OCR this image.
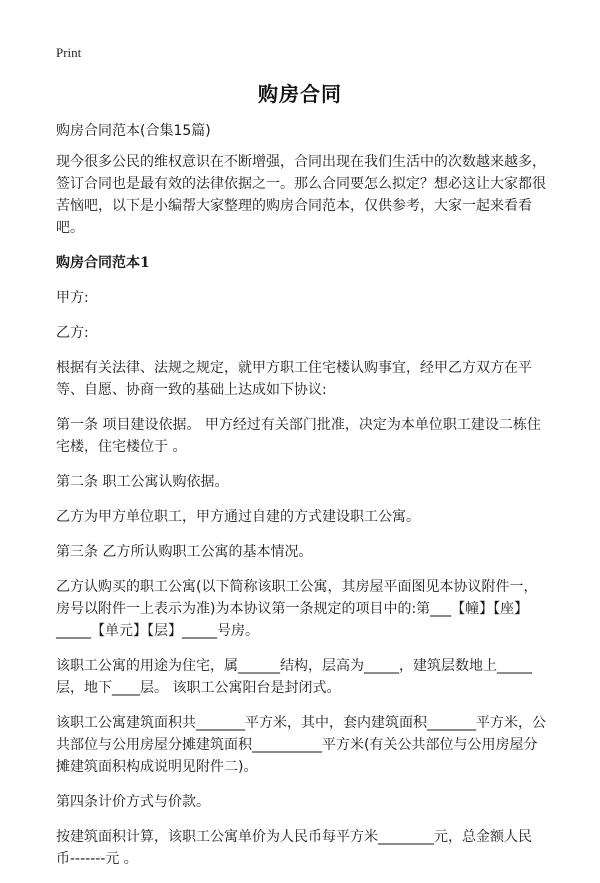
Print
购房合同

购房合同范本(合集15篇)

现今很多公民的维权意识在不断增强，合同出现在我们生活中的次数越来越多，签订合同也是最有效的法律依据之一。那么合同要怎么拟定？想必这让大家都很苦恼吧，以下是小编帮大家整理的购房合同范本，仅供参考，大家一起来看看吧。

购房合同范本1

甲方:

乙方:

根据有关法律、法规之规定，就甲方职工住宅楼认购事宜，经甲乙方双方在平等、自愿、协商一致的基础上达成如下协议:

第一条 项目建设依据。 甲方经过有关部门批准，决定为本单位职工建设二栋住宅楼，住宅楼位于 。

第二条 职工公寓认购依据。

乙方为甲方单位职工，甲方通过自建的方式建设职工公寓。

第三条 乙方所认购职工公寓的基本情况。

乙方认购买的职工公寓(以下简称该职工公寓，其房屋平面图见本协议附件一，房号以附件一上表示为准)为本协议第一条规定的项目中的:第___【幢】【座】_____【单元】【层】_____号房。

该职工公寓的用途为住宅，属______结构，层高为_____，建筑层数地上_____层，地下____层。 该职工公寓阳台是封闭式。

该职工公寓建筑面积共_______平方米，其中，套内建筑面积_______平方米，公共部位与公用房屋分摊建筑面积__________平方米(有关公共部位与公用房屋分摊建筑面积构成说明见附件二)。

第四条计价方式与价款。

按建筑面积计算，该职工公寓单价为人民币每平方米________元，总金额人民币-------元 。
